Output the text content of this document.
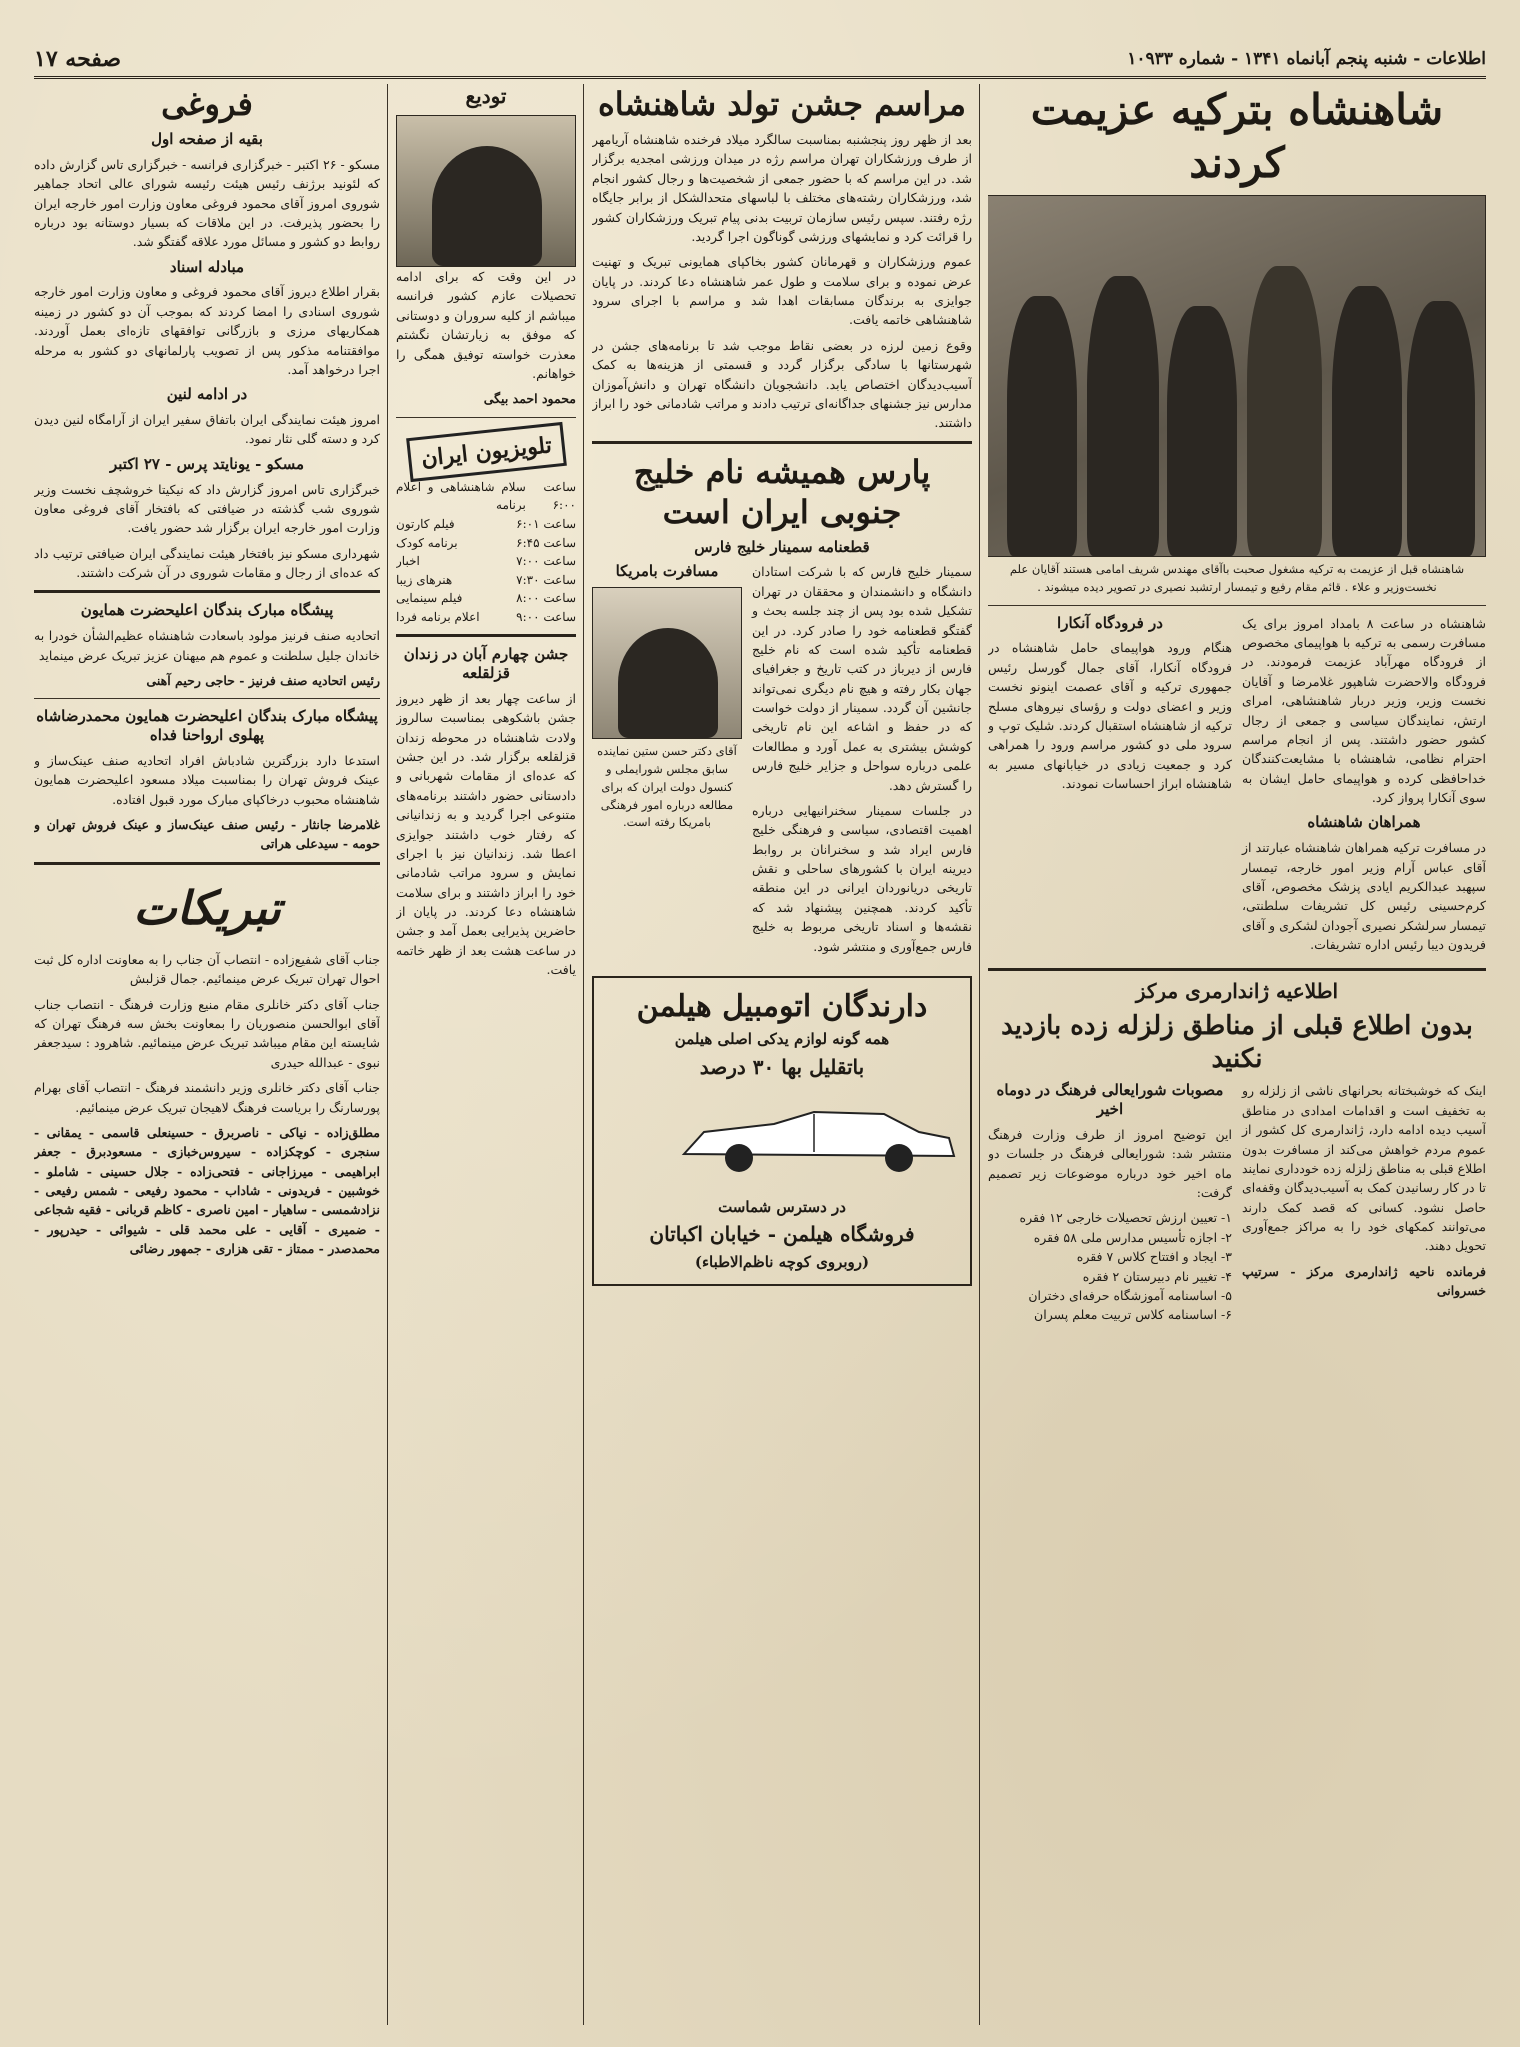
اطلاعات - شنبه پنجم آبانماه ۱۳۴۱ - شماره ۱۰۹۳۳
صفحه ۱۷
شاهنشاه بترکیه عزیمت کردند
شاهنشاه قبل از عزیمت به ترکیه مشغول صحبت باآقای مهندس شریف امامی هستند آقایان علم نخست‌وزیر و علاء . قائم مقام رفیع و تیمسار ارتشبد نصیری در تصویر دیده میشوند .

شاهنشاه در ساعت ۸ بامداد امروز برای یک مسافرت رسمی به ترکیه با هواپیمای مخصوص از فرودگاه مهرآباد عزیمت فرمودند. در فرودگاه والاحضرت شاهپور غلامرضا و آقایان نخست وزیر، وزیر دربار شاهنشاهی، امرای ارتش، نمایندگان سیاسی و جمعی از رجال کشور حضور داشتند. پس از انجام مراسم احترام نظامی، شاهنشاه با مشایعت‌کنندگان خداحافظی کرده و هواپیمای حامل ایشان به سوی آنکارا پرواز کرد.

همراهان شاهنشاه

در مسافرت ترکیه همراهان شاهنشاه عبارتند از آقای عباس آرام وزیر امور خارجه، تیمسار سپهبد عبدالکریم ایادی پزشک مخصوص، آقای کرم‌حسینی رئیس کل تشریفات سلطنتی، تیمسار سرلشکر نصیری آجودان لشکری و آقای فریدون دیبا رئیس اداره تشریفات.

در فرودگاه آنکارا

هنگام ورود هواپیمای حامل شاهنشاه در فرودگاه آنکارا، آقای جمال گورسل رئیس جمهوری ترکیه و آقای عصمت اینونو نخست وزیر و اعضای دولت و رؤسای نیروهای مسلح ترکیه از شاهنشاه استقبال کردند. شلیک توپ و سرود ملی دو کشور مراسم ورود را همراهی کرد و جمعیت زیادی در خیابانهای مسیر به شاهنشاه ابراز احساسات نمودند.

اطلاعیه ژاندارمری مرکز
بدون اطلاع قبلی از مناطق زلزله زده بازدید نکنید

اینک که خوشبختانه بحرانهای ناشی از زلزله رو به تخفیف است و اقدامات امدادی در مناطق آسیب دیده ادامه دارد، ژاندارمری کل کشور از عموم مردم خواهش می‌کند از مسافرت بدون اطلاع قبلی به مناطق زلزله زده خودداری نمایند تا در کار رسانیدن کمک به آسیب‌دیدگان وقفه‌ای حاصل نشود. کسانی که قصد کمک دارند می‌توانند کمکهای خود را به مراکز جمع‌آوری تحویل دهند.

فرمانده ناحیه ژاندارمری مرکز - سرتیپ خسروانی

مصوبات شورایعالی فرهنگ در دوماه اخیر

این توضیح امروز از طرف وزارت فرهنگ منتشر شد: شورایعالی فرهنگ در جلسات دو ماه اخیر خود درباره موضوعات زیر تصمیم گرفت:

۱- تعیین ارزش تحصیلات خارجی ۱۲ فقره
۲- اجازه تأسیس مدارس ملی ۵۸ فقره
۳- ایجاد و افتتاح کلاس ۷ فقره
۴- تغییر نام دبیرستان ۲ فقره
۵- اساسنامه آموزشگاه حرفه‌ای دختران
۶- اساسنامه کلاس تربیت معلم پسران
مراسم جشن تولد شاهنشاه

بعد از ظهر روز پنجشنبه بمناسبت سالگرد میلاد فرخنده شاهنشاه آریامهر از طرف ورزشکاران تهران مراسم رژه در میدان ورزشی امجدیه برگزار شد. در این مراسم که با حضور جمعی از شخصیت‌ها و رجال کشور انجام شد، ورزشکاران رشته‌های مختلف با لباسهای متحدالشکل از برابر جایگاه رژه رفتند. سپس رئیس سازمان تربیت بدنی پیام تبریک ورزشکاران کشور را قرائت کرد و نمایشهای ورزشی گوناگون اجرا گردید.

عموم ورزشکاران و قهرمانان کشور بخاکپای همایونی تبریک و تهنیت عرض نموده و برای سلامت و طول عمر شاهنشاه دعا کردند. در پایان جوایزی به برندگان مسابقات اهدا شد و مراسم با اجرای سرود شاهنشاهی خاتمه یافت.

وقوع زمین لرزه در بعضی نقاط موجب شد تا برنامه‌های جشن در شهرستانها با سادگی برگزار گردد و قسمتی از هزینه‌ها به کمک آسیب‌دیدگان اختصاص یابد. دانشجویان دانشگاه تهران و دانش‌آموزان مدارس نیز جشنهای جداگانه‌ای ترتیب دادند و مراتب شادمانی خود را ابراز داشتند.

پارس همیشه نام خلیج جنوبی ایران است
قطعنامه سمینار خلیج فارس

سمینار خلیج فارس که با شرکت استادان دانشگاه و دانشمندان و محققان در تهران تشکیل شده بود پس از چند جلسه بحث و گفتگو قطعنامه خود را صادر کرد. در این قطعنامه تأکید شده است که نام خلیج فارس از دیرباز در کتب تاریخ و جغرافیای جهان بکار رفته و هیچ نام دیگری نمی‌تواند جانشین آن گردد. سمینار از دولت خواست که در حفظ و اشاعه این نام تاریخی کوشش بیشتری به عمل آورد و مطالعات علمی درباره سواحل و جزایر خلیج فارس را گسترش دهد.

در جلسات سمینار سخنرانیهایی درباره اهمیت اقتصادی، سیاسی و فرهنگی خلیج فارس ایراد شد و سخنرانان بر روابط دیرینه ایران با کشورهای ساحلی و نقش تاریخی دریانوردان ایرانی در این منطقه تأکید کردند. همچنین پیشنهاد شد که نقشه‌ها و اسناد تاریخی مربوط به خلیج فارس جمع‌آوری و منتشر شود.

مسافرت بامریکا
آقای دکتر حسن ستین نماینده سابق مجلس شورایملی و کنسول دولت ایران که برای مطالعه درباره امور فرهنگی بامریکا رفته است.
دارندگان اتومبیل هیلمن
همه گونه لوازم یدکی اصلی هیلمن
باتقلیل بها ۳۰ درصد
در دسترس شماست
فروشگاه هیلمن - خیابان اکباتان
(روبروی کوچه ناظم‌الاطباء)
تودیع

در این وقت که برای ادامه تحصیلات عازم کشور فرانسه میباشم از کلیه سروران و دوستانی که موفق به زیارتشان نگشتم معذرت خواسته توفیق همگی را خواهانم.

محمود احمد بیگی

تلویزیون ایران
ساعت ۶:۰۰
سلام شاهنشاهی و اعلام برنامه
ساعت ۶:۰۱
فیلم کارتون
ساعت ۶:۴۵
برنامه کودک
ساعت ۷:۰۰
اخبار
ساعت ۷:۳۰
هنرهای زیبا
ساعت ۸:۰۰
فیلم سینمایی
ساعت ۹:۰۰
اعلام برنامه فردا
جشن چهارم آبان در زندان قزلقلعه

از ساعت چهار بعد از ظهر دیروز جشن باشکوهی بمناسبت سالروز ولادت شاهنشاه در محوطه زندان قزلقلعه برگزار شد. در این جشن که عده‌ای از مقامات شهربانی و دادستانی حضور داشتند برنامه‌های متنوعی اجرا گردید و به زندانیانی که رفتار خوب داشتند جوایزی اعطا شد. زندانیان نیز با اجرای نمایش و سرود مراتب شادمانی خود را ابراز داشتند و برای سلامت شاهنشاه دعا کردند. در پایان از حاضرین پذیرایی بعمل آمد و جشن در ساعت هشت بعد از ظهر خاتمه یافت.

فروغی
بقیه از صفحه اول

مسکو - ۲۶ اکتبر - خبرگزاری فرانسه - خبرگزاری تاس گزارش داده که لئونید برژنف رئیس هیئت رئیسه شورای عالی اتحاد جماهیر شوروی امروز آقای محمود فروغی معاون وزارت امور خارجه ایران را بحضور پذیرفت. در این ملاقات که بسیار دوستانه بود درباره روابط دو کشور و مسائل مورد علاقه گفتگو شد.

مبادله اسناد

بقرار اطلاع دیروز آقای محمود فروغی و معاون وزارت امور خارجه شوروی اسنادی را امضا کردند که بموجب آن دو کشور در زمینه همکاریهای مرزی و بازرگانی توافقهای تازه‌ای بعمل آوردند. موافقتنامه مذکور پس از تصویب پارلمانهای دو کشور به مرحله اجرا درخواهد آمد.

در ادامه لنین

امروز هیئت نمایندگی ایران باتفاق سفیر ایران از آرامگاه لنین دیدن کرد و دسته گلی نثار نمود.

مسکو - یونایتد پرس - ۲۷ اکتبر

خبرگزاری تاس امروز گزارش داد که نیکیتا خروشچف نخست وزیر شوروی شب گذشته در ضیافتی که بافتخار آقای فروغی معاون وزارت امور خارجه ایران برگزار شد حضور یافت.

شهرداری مسکو نیز بافتخار هیئت نمایندگی ایران ضیافتی ترتیب داد که عده‌ای از رجال و مقامات شوروی در آن شرکت داشتند.

پیشگاه مبارک بندگان اعلیحضرت همایون

اتحادیه صنف فرنیز مولود باسعادت شاهنشاه عظیم‌الشأن خودرا به خاندان جلیل سلطنت و عموم هم میهنان عزیز تبریک عرض مینماید

رئیس اتحادیه صنف فرنیز - حاجی رحیم آهنی

پیشگاه مبارک بندگان اعلیحضرت همایون محمدرضاشاه پهلوی ارواحنا فداه

استدعا دارد بزرگترین شادباش افراد اتحادیه صنف عینک‌ساز و عینک فروش تهران را بمناسبت میلاد مسعود اعلیحضرت همایون شاهنشاه محبوب درخاکپای مبارک مورد قبول افتاده.

غلامرضا جانثار - رئیس صنف عینک‌ساز و عینک فروش تهران و حومه - سیدعلی هراتی

تبریکات

جناب آقای شفیع‌زاده - انتصاب آن جناب را به معاونت اداره کل ثبت احوال تهران تبریک عرض مینمائیم. جمال قزلبش

جناب آقای دکتر خانلری مقام منیع وزارت فرهنگ - انتصاب جناب آقای ابوالحسن منصوریان را بمعاونت بخش سه فرهنگ تهران که شایسته این مقام میباشد تبریک عرض مینمائیم. شاهرود : سیدجعفر نبوی - عبدالله حیدری

جناب آقای دکتر خانلری وزیر دانشمند فرهنگ - انتصاب آقای بهرام پورسارنگ را بریاست فرهنگ لاهیجان تبریک عرض مینمائیم.

مطلق‌زاده - نیاکی - ناصربرق - حسینعلی قاسمی - یمقانی - سنجری - کوچکزاده - سیروس‌خبازی - مسعودبرق - جعفر ابراهیمی - میرزاجانی - فتحی‌زاده - جلال حسینی - شاملو - خوشبین - فریدونی - شاداب - محمود رفیعی - شمس رفیعی - نزادشمسی - ساهیار - امین ناصری - کاظم قربانی - فقیه شجاعی - ضمیری - آقایی - علی محمد قلی - شیوائی - حیدرپور - محمدصدر - ممتاز - تقی هزاری - جمهور رضائی
